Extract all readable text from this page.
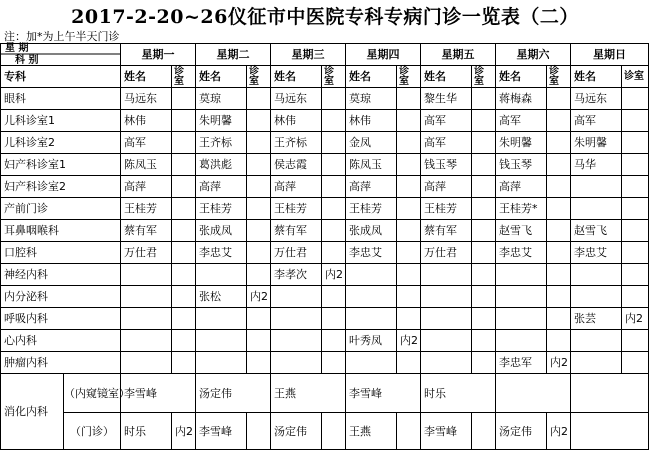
2017-2-20~26仪征市中医院专科专病门诊一览表（二）
注：加*为上午半天门诊
星 期
科 别		星期一		星期二		星期三		星期四		星期五		星期六		星期日	
专科		姓名	诊室	姓名	诊室	姓名	诊室	姓名	诊室	姓名	诊室	姓名	诊室	姓名	诊室
眼科		马远东		莫琼		马远东		莫琼		黎生华		蒋梅森		马远东	
儿科诊室1		林伟		朱明馨		林伟		林伟		高军		高军		高军	
儿科诊室2		高军		王齐标		王齐标		金凤		高军		朱明馨		朱明馨	
妇产科诊室1		陈凤玉		葛洪彪		侯志霞		陈凤玉		钱玉琴		钱玉琴		马华	
妇产科诊室2		高萍		高萍		高萍		高萍		高萍		高萍			
产前门诊		王桂芳		王桂芳		王桂芳		王桂芳		王桂芳		王桂芳*			
耳鼻咽喉科		蔡有军		张成凤		蔡有军		张成凤		蔡有军		赵雪飞		赵雪飞	
口腔科		万仕君		李忠艾		万仕君		李忠艾		万仕君		李忠艾		李忠艾	
神经内科						李孝次	内2								
内分泌科				张松	内2										
呼吸内科														张芸	内2
心内科								叶秀凤	内2						
肿瘤内科												李忠军	内2		
消化内科	（内窥镜室）	李雪峰		汤定伟		王燕		李雪峰		时乐					
	（门诊）	时乐	内2	李雪峰		汤定伟		王燕		李雪峰		汤定伟	内2		
